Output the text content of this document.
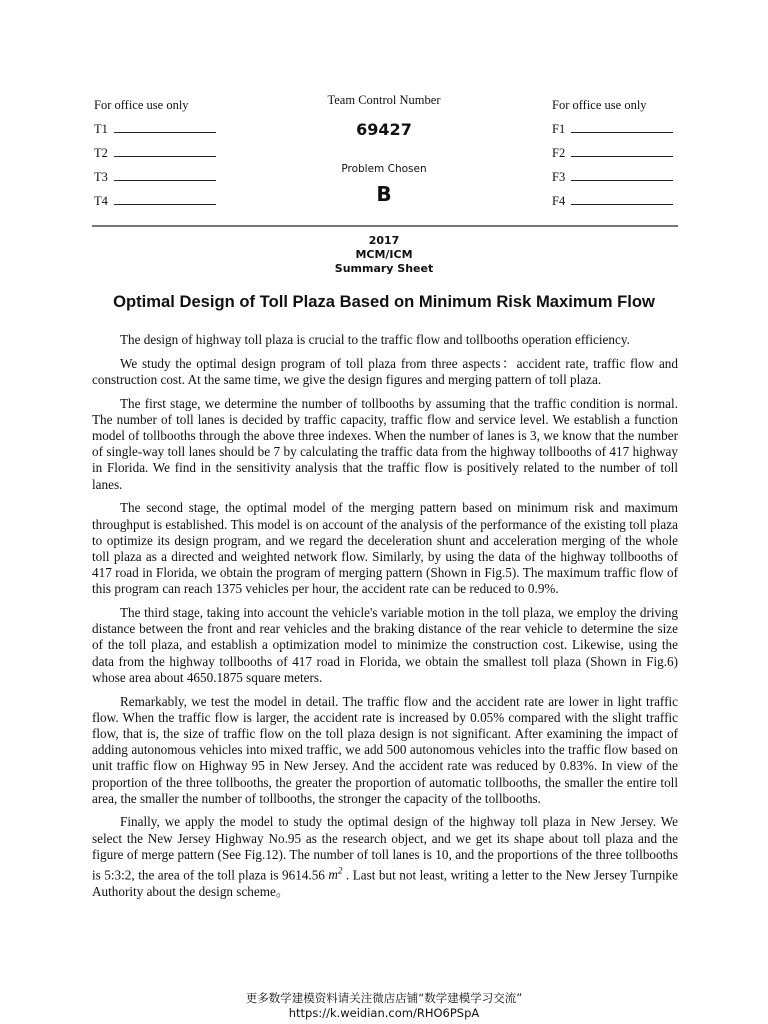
For office use only
T1
T2
T3
T4
Team Control Number
69427
Problem Chosen
B
For office use only
F1
F2
F3
F4
2017
MCM/ICM
Summary Sheet
Optimal Design of Toll Plaza Based on Minimum Risk Maximum Flow

The design of highway toll plaza is crucial to the traffic flow and tollbooths operation efficiency.

We study the optimal design program of toll plaza from three aspects：accident rate, traffic flow and construction cost. At the same time, we give the design figures and merging pattern of toll plaza.

The first stage, we determine the number of tollbooths by assuming that the traffic condition is normal. The number of toll lanes is decided by traffic capacity, traffic flow and service level. We establish a function model of tollbooths through the above three indexes. When the number of lanes is 3, we know that the number of single-way toll lanes should be 7 by calculating the traffic data from the highway tollbooths of 417 highway in Florida. We find in the sensitivity analysis that the traffic flow is positively related to the number of toll lanes.

The second stage, the optimal model of the merging pattern based on minimum risk and maximum throughput is established. This model is on account of the analysis of the performance of the existing toll plaza to optimize its design program, and we regard the deceleration shunt and acceleration merging of the whole toll plaza as a directed and weighted network flow. Similarly, by using the data of the highway tollbooths of 417 road in Florida, we obtain the program of merging pattern (Shown in Fig.5). The maximum traffic flow of this program can reach 1375 vehicles per hour, the accident rate can be reduced to 0.9%.

The third stage, taking into account the vehicle's variable motion in the toll plaza, we employ the driving distance between the front and rear vehicles and the braking distance of the rear vehicle to determine the size of the toll plaza, and establish a optimization model to minimize the construction cost. Likewise, using the data from the highway tollbooths of 417 road in Florida, we obtain the smallest toll plaza (Shown in Fig.6) whose area about 4650.1875 square meters.

Remarkably, we test the model in detail. The traffic flow and the accident rate are lower in light traffic flow. When the traffic flow is larger, the accident rate is increased by 0.05% compared with the slight traffic flow, that is, the size of traffic flow on the toll plaza design is not significant. After examining the impact of adding autonomous vehicles into mixed traffic, we add 500 autonomous vehicles into the traffic flow based on unit traffic flow on Highway 95 in New Jersey. And the accident rate was reduced by 0.83%. In view of the proportion of the three tollbooths, the greater the proportion of automatic tollbooths, the smaller the entire toll area, the smaller the number of tollbooths, the stronger the capacity of the tollbooths.

Finally, we apply the model to study the optimal design of the highway toll plaza in New Jersey. We select the New Jersey Highway No.95 as the research object, and we get its shape about toll plaza and the figure of merge pattern (See Fig.12). The number of toll lanes is 10, and the proportions of the three tollbooths is 5:3:2, the area of the toll plaza is 9614.56 $m^2$ . Last but not least, writing a letter to the New Jersey Turnpike Authority about the design scheme。

更多数学建模资料请关注微店店铺“数学建模学习交流”
https://k.weidian.com/RHO6PSpA
